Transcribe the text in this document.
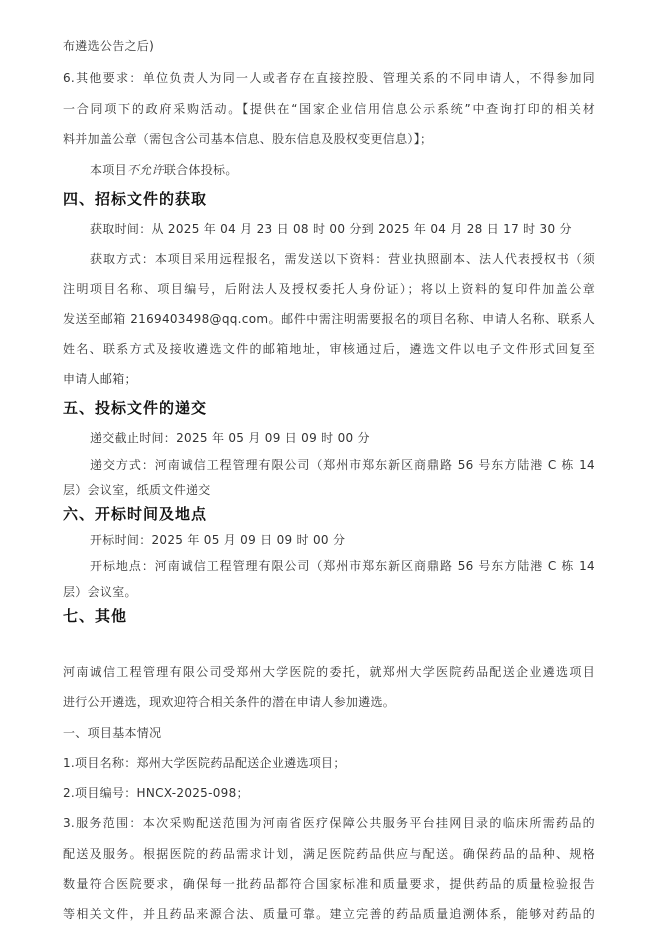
布遴选公告之后)
6.其他要求：单位负责人为同一人或者存在直接控股、管理关系的不同申请人，不得参加同
一合同项下的政府采购活动。【提供在“国家企业信用信息公示系统”中查询打印的相关材
料并加盖公章（需包含公司基本信息、股东信息及股权变更信息）】；
本项目不允许联合体投标。
四、招标文件的获取
获取时间：从 2025 年 04 月 23 日 08 时 00 分到 2025 年 04 月 28 日 17 时 30 分
获取方式：本项目采用远程报名，需发送以下资料：营业执照副本、法人代表授权书（须
注明项目名称、项目编号，后附法人及授权委托人身份证）；将以上资料的复印件加盖公章
发送至邮箱 2169403498@qq.com。邮件中需注明需要报名的项目名称、申请人名称、联系人
姓名、联系方式及接收遴选文件的邮箱地址，审核通过后，遴选文件以电子文件形式回复至
申请人邮箱；
五、投标文件的递交
递交截止时间：2025 年 05 月 09 日 09 时 00 分
递交方式：河南诚信工程管理有限公司（郑州市郑东新区商鼎路 56 号东方陆港 C 栋 14
层）会议室，纸质文件递交
六、开标时间及地点
开标时间：2025 年 05 月 09 日 09 时 00 分
开标地点：河南诚信工程管理有限公司（郑州市郑东新区商鼎路 56 号东方陆港 C 栋 14
层）会议室。
七、其他
河南诚信工程管理有限公司受郑州大学医院的委托，就郑州大学医院药品配送企业遴选项目
进行公开遴选，现欢迎符合相关条件的潜在申请人参加遴选。
一、项目基本情况
1.项目名称：郑州大学医院药品配送企业遴选项目；
2.项目编号：HNCX-2025-098；
3.服务范围：本次采购配送范围为河南省医疗保障公共服务平台挂网目录的临床所需药品的
配送及服务。根据医院的药品需求计划，满足医院药品供应与配送。确保药品的品种、规格
数量符合医院要求，确保每一批药品都符合国家标准和质量要求，提供药品的质量检验报告
等相关文件，并且药品来源合法、质量可靠。建立完善的药品质量追溯体系，能够对药品的
